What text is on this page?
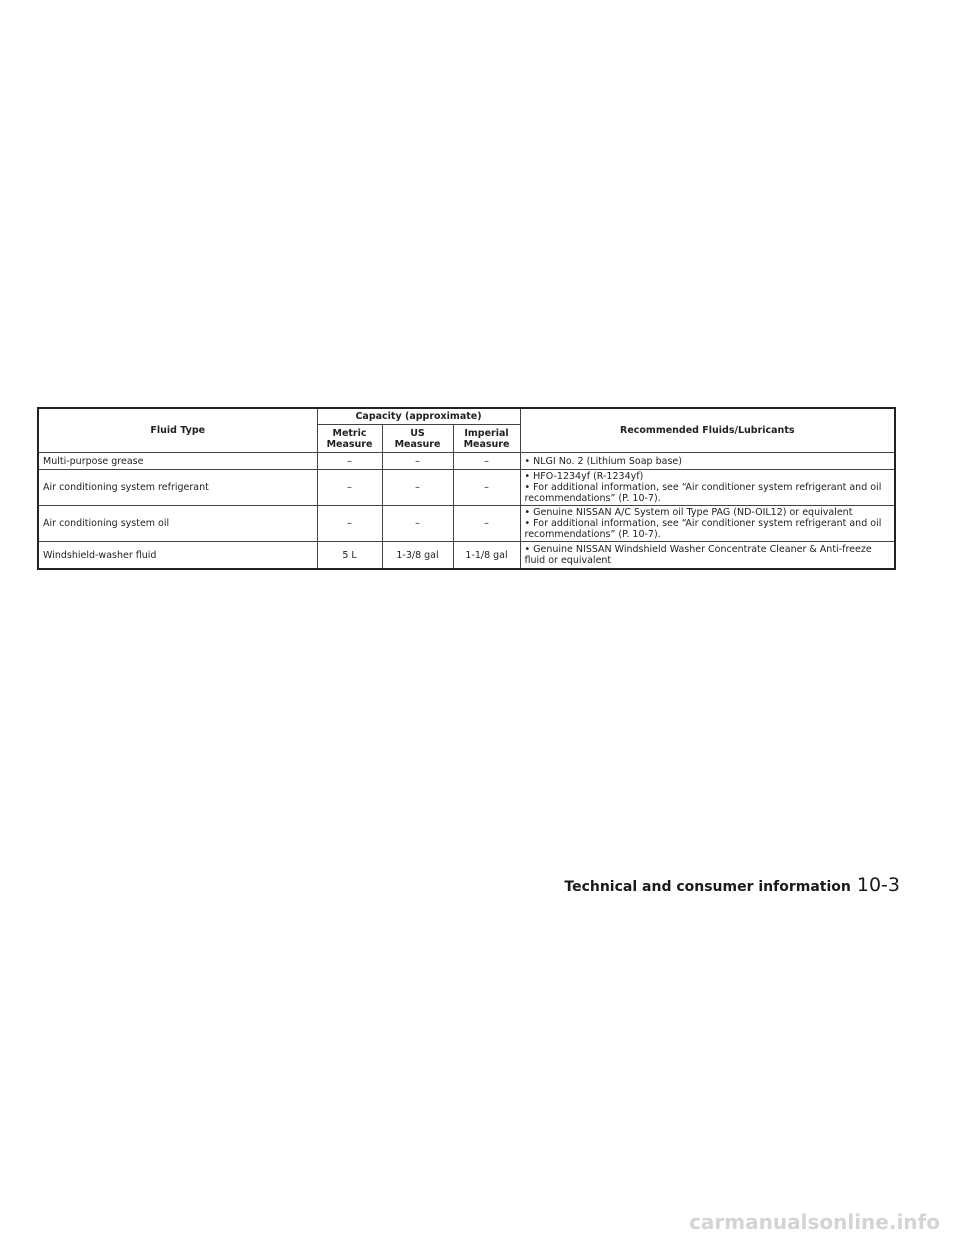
Fluid Type	Capacity (approximate)			Recommended Fluids/Lubricants
	Metric Measure	US Measure	Imperial Measure	
Multi-purpose grease	–	–	–	• NLGI No. 2 (Lithium Soap base)

Air conditioning system refrigerant	–	–	–	• HFO-1234yf (R-1234yf)
• For additional information, see “Air conditioner system refrigerant and oil recommendations” (P. 10-7).

Air conditioning system oil	–	–	–	• Genuine NISSAN A/C System oil Type PAG (ND-OIL12) or equivalent
• For additional information, see “Air conditioner system refrigerant and oil recommendations” (P. 10-7).

Windshield-washer fluid	5 L	1-3/8 gal	1-1/8 gal	• Genuine NISSAN Windshield Washer Concentrate Cleaner & Anti-freeze fluid or equivalent
Technical and consumer information 10-3
carmanualsonline.info
